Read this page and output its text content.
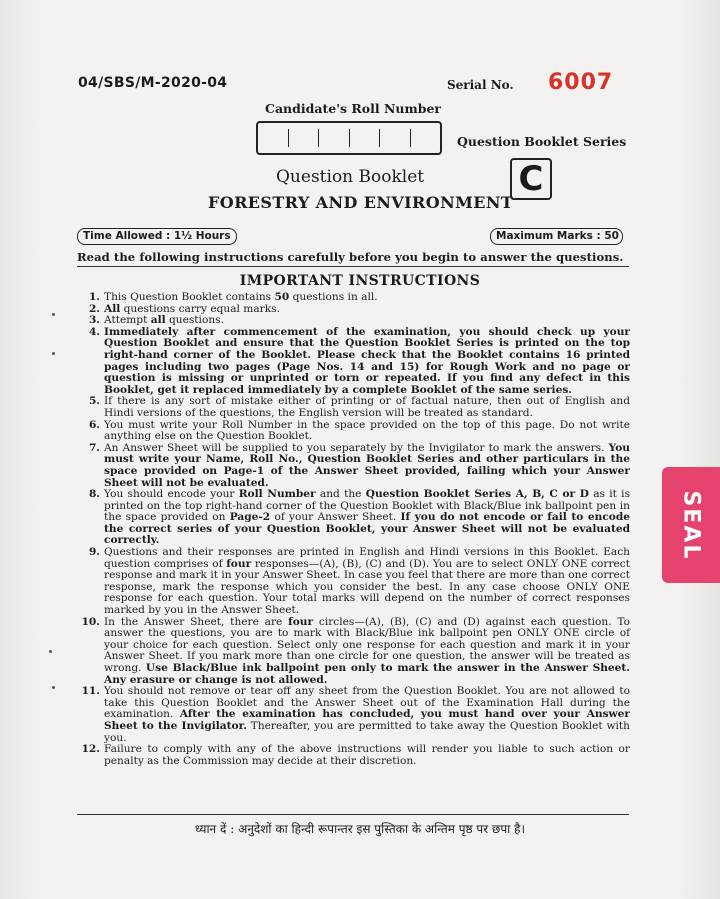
04/SBS/M-2020-04	Serial No. 6007
Candidate's Roll Number
Question Booklet Series
C
Question Booklet
FORESTRY AND ENVIRONMENT
Time Allowed : 1½ Hours	Maximum Marks : 50
Read the following instructions carefully before you begin to answer the questions.
IMPORTANT INSTRUCTIONS
1. This Question Booklet contains 50 questions in all.
2. All questions carry equal marks.
3. Attempt all questions.
4. Immediately after commencement of the examination, you should check up your Question Booklet and ensure that the Question Booklet Series is printed on the top right-hand corner of the Booklet. Please check that the Booklet contains 16 printed pages including two pages (Page Nos. 14 and 15) for Rough Work and no page or question is missing or unprinted or torn or repeated. If you find any defect in this Booklet, get it replaced immediately by a complete Booklet of the same series.
5. If there is any sort of mistake either of printing or of factual nature, then out of English and Hindi versions of the questions, the English version will be treated as standard.
6. You must write your Roll Number in the space provided on the top of this page. Do not write anything else on the Question Booklet.
7. An Answer Sheet will be supplied to you separately by the Invigilator to mark the answers. You must write your Name, Roll No., Question Booklet Series and other particulars in the space provided on Page-1 of the Answer Sheet provided, failing which your Answer Sheet will not be evaluated.
8. You should encode your Roll Number and the Question Booklet Series A, B, C or D as it is printed on the top right-hand corner of the Question Booklet with Black/Blue ink ballpoint pen in the space provided on Page-2 of your Answer Sheet. If you do not encode or fail to encode the correct series of your Question Booklet, your Answer Sheet will not be evaluated correctly.
9. Questions and their responses are printed in English and Hindi versions in this Booklet. Each question comprises of four responses—(A), (B), (C) and (D). You are to select ONLY ONE correct response and mark it in your Answer Sheet. In case you feel that there are more than one correct response, mark the response which you consider the best. In any case choose ONLY ONE response for each question. Your total marks will depend on the number of correct responses marked by you in the Answer Sheet.
10. In the Answer Sheet, there are four circles—(A), (B), (C) and (D) against each question. To answer the questions, you are to mark with Black/Blue ink ballpoint pen ONLY ONE circle of your choice for each question. Select only one response for each question and mark it in your Answer Sheet. If you mark more than one circle for one question, the answer will be treated as wrong. Use Black/Blue ink ballpoint pen only to mark the answer in the Answer Sheet. Any erasure or change is not allowed.
11. You should not remove or tear off any sheet from the Question Booklet. You are not allowed to take this Question Booklet and the Answer Sheet out of the Examination Hall during the examination. After the examination has concluded, you must hand over your Answer Sheet to the Invigilator. Thereafter, you are permitted to take away the Question Booklet with you.
12. Failure to comply with any of the above instructions will render you liable to such action or penalty as the Commission may decide at their discretion.
ध्यान दें : अनुदेशों का हिन्दी रूपान्तर इस पुस्तिका के अन्तिम पृष्ठ पर छपा है।
SEAL
